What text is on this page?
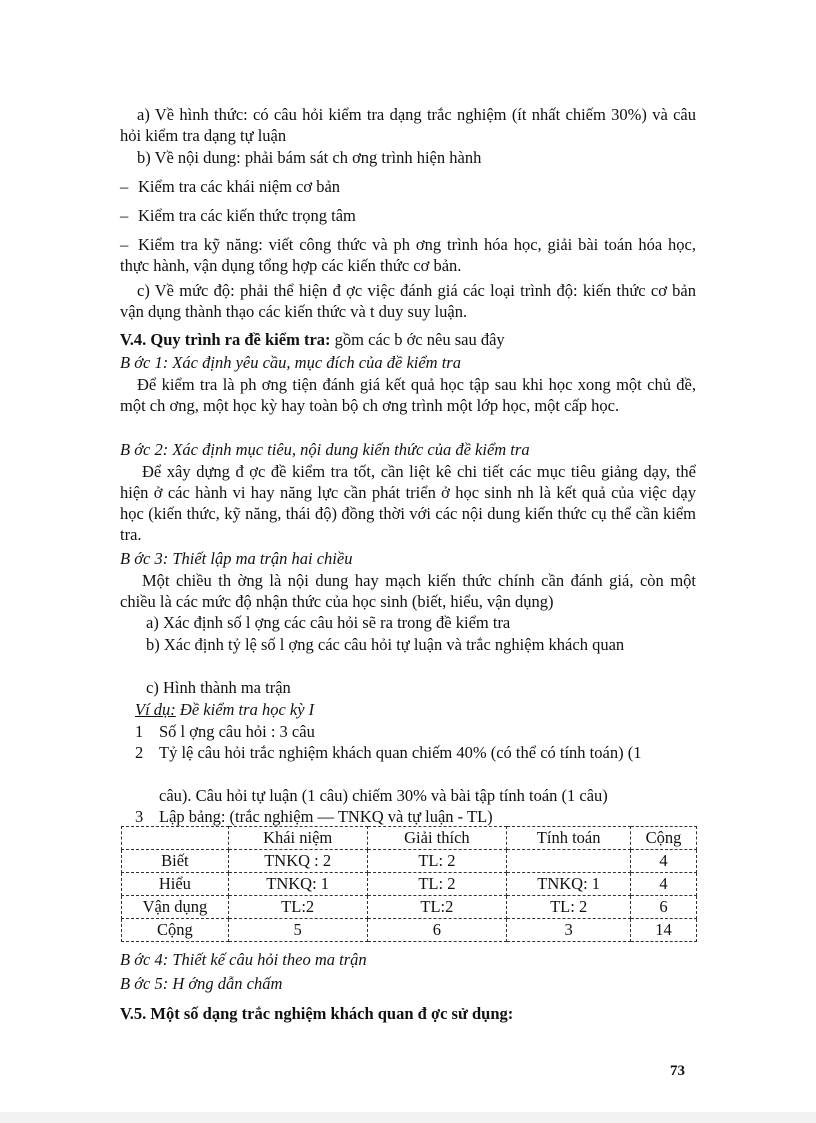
a) Về hình thức: có câu hỏi kiểm tra dạng trắc nghiệm (ít nhất chiếm 30%) và câu hỏi kiểm tra dạng tự luận
b) Về nội dung: phải bám sát ch ơng trình hiện hành
– Kiểm tra các khái niệm cơ bản
– Kiểm tra các kiến thức trọng tâm
– Kiểm tra kỹ năng: viết công thức và ph ơng trình hóa học, giải bài toán hóa học, thực hành, vận dụng tổng hợp các kiến thức cơ bản.
c) Về mức độ: phải thể hiện đ ợc việc đánh giá các loại trình độ: kiến thức cơ bản vận dụng thành thạo các kiến thức và t duy suy luận.
V.4. Quy trình ra đề kiểm tra: gồm các b ớc nêu sau đây
B ớc 1: Xác định yêu cầu, mục đích của đề kiểm tra
Để kiểm tra là ph ơng tiện đánh giá kết quả học tập sau khi học xong một chủ đề, một ch ơng, một học kỳ hay toàn bộ ch ơng trình một lớp học, một cấp học.
B ớc 2: Xác định mục tiêu, nội dung kiến thức của đề kiểm tra
Để xây dựng đ ợc đề kiểm tra tốt, cần liệt kê chi tiết các mục tiêu giảng dạy, thể hiện ở các hành vi hay năng lực cần phát triển ở học sinh nh là kết quả của việc dạy học (kiến thức, kỹ năng, thái độ) đồng thời với các nội dung kiến thức cụ thể cần kiểm tra.
B ớc 3: Thiết lập ma trận hai chiều
Một chiều th ờng là nội dung hay mạch kiến thức chính cần đánh giá, còn một chiều là các mức độ nhận thức của học sinh (biết, hiểu, vận dụng)
a) Xác định số l ợng các câu hỏi sẽ ra trong đề kiểm tra
b) Xác định tỷ lệ số l ợng các câu hỏi tự luận và trắc nghiệm khách quan
c) Hình thành ma trận
Ví dụ: Đề kiểm tra học kỳ I
1 Số l ợng câu hỏi : 3 câu
2 Tỷ lệ câu hỏi trắc nghiệm khách quan chiếm 40% (có thể có tính toán) (1
câu). Câu hỏi tự luận (1 câu) chiếm 30% và bài tập tính toán (1 câu)
3 Lập bảng: (trắc nghiệm — TNKQ và tự luận - TL)
	Khái niệm	Giải thích	Tính toán	Cộng
Biết	TNKQ : 2	TL: 2		4
Hiểu	TNKQ: 1	TL: 2	TNKQ: 1	4
Vận dụng	TL:2	TL:2	TL: 2	6
Cộng	5	6	3	14
B ớc 4: Thiết kế câu hỏi theo ma trận
B ớc 5: H ớng dẫn chấm
V.5. Một số dạng trắc nghiệm khách quan đ ợc sử dụng:
73
